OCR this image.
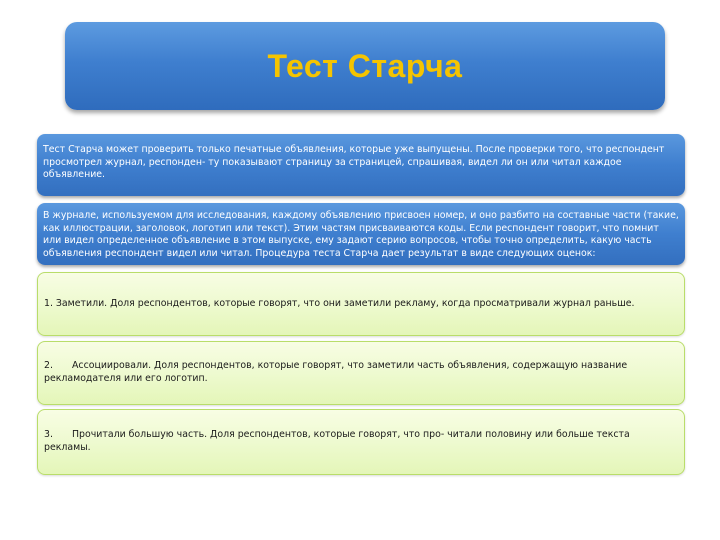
Тест Старча
Тест Старча может проверить только печатные объявления, которые уже выпущены. После проверки того, что респондент просмотрел журнал, респонден- ту показывают страницу за страницей, спрашивая, видел ли он или читал каждое объявление.
В журнале, используемом для исследования, каждому объявлению присвоен номер, и оно разбито на составные части (такие, как иллюстрации, заголовок, логотип или текст). Этим частям присваиваются коды. Если респондент говорит, что помнит или видел определенное объявление в этом выпуске, ему задают серию вопросов, чтобы точно определить, какую часть объявления респондент видел или читал. Процедура теста Старча дает результат в виде следующих оценок:
1. Заметили. Доля респондентов, которые говорят, что они заметили рекламу, когда просматривали журнал раньше.
2. Ассоциировали. Доля респондентов, которые говорят, что заметили часть объявления, содержащую название рекламодателя или его логотип.
3. Прочитали большую часть. Доля респондентов, которые говорят, что про- читали половину или больше текста рекламы.
